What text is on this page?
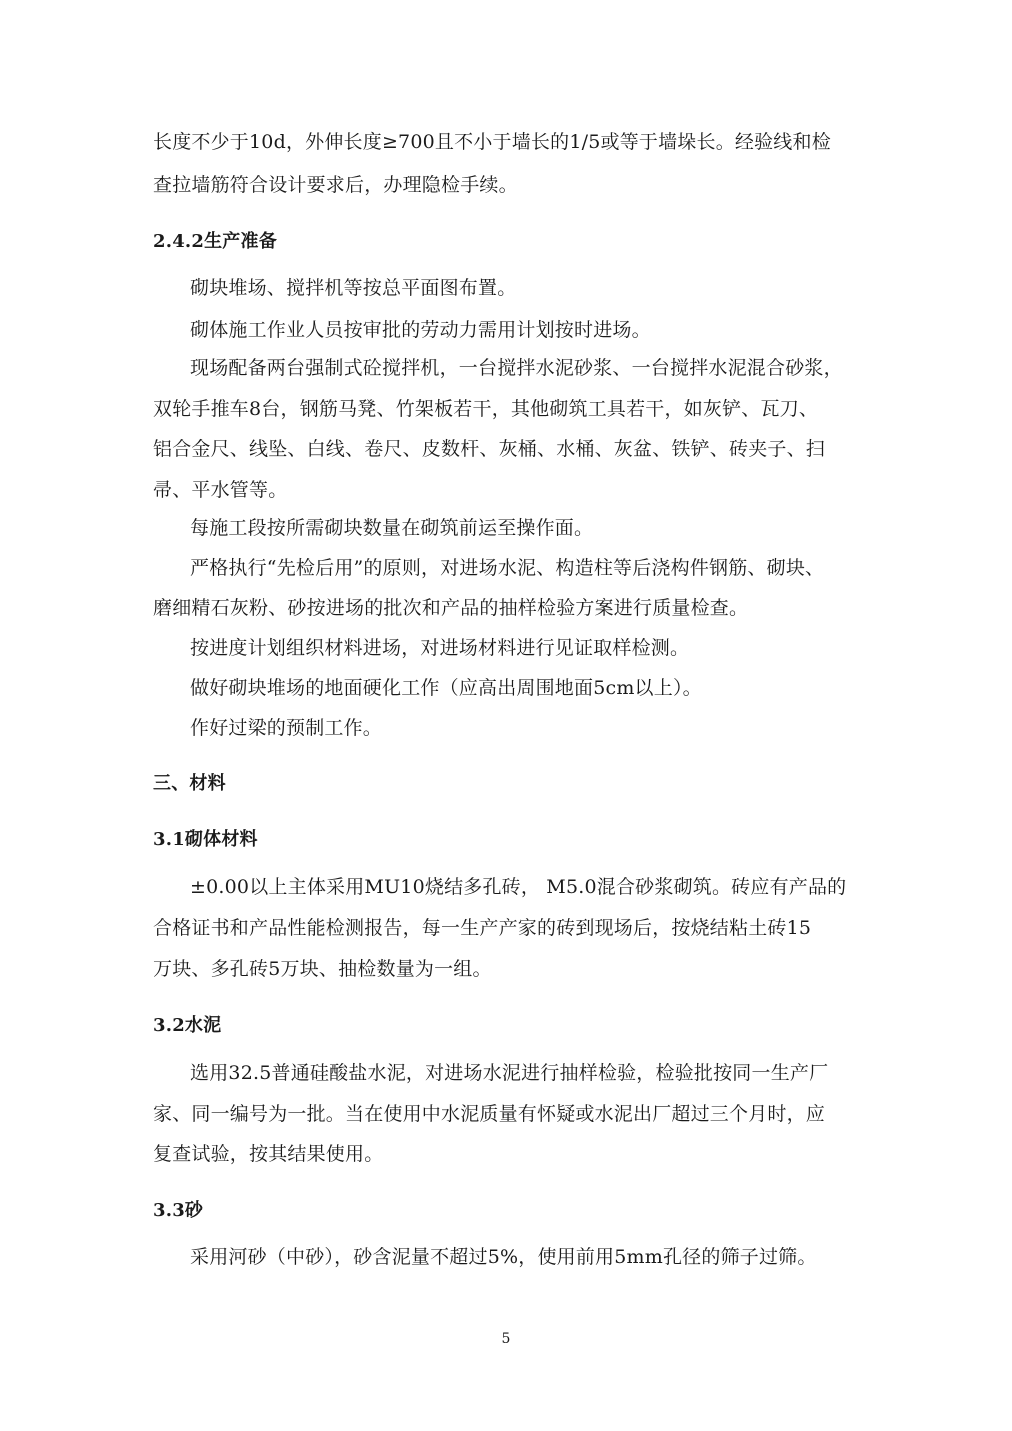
长度不少于10d，外伸长度≥700且不小于墙长的1/5或等于墙垛长。经验线和检
查拉墙筋符合设计要求后，办理隐检手续。
2.4.2生产准备
砌块堆场、搅拌机等按总平面图布置。
砌体施工作业人员按审批的劳动力需用计划按时进场。
现场配备两台强制式砼搅拌机，一台搅拌水泥砂浆、一台搅拌水泥混合砂浆，
双轮手推车8台，钢筋马凳、竹架板若干，其他砌筑工具若干，如灰铲、瓦刀、
铝合金尺、线坠、白线、卷尺、皮数杆、灰桶、水桶、灰盆、铁铲、砖夹子、扫
帚、平水管等。
每施工段按所需砌块数量在砌筑前运至操作面。
严格执行“先检后用”的原则，对进场水泥、构造柱等后浇构件钢筋、砌块、
磨细精石灰粉、砂按进场的批次和产品的抽样检验方案进行质量检查。
按进度计划组织材料进场，对进场材料进行见证取样检测。
做好砌块堆场的地面硬化工作（应高出周围地面5cm以上）。
作好过梁的预制工作。
三、材料
3.1砌体材料
±0.00以上主体采用MU10烧结多孔砖， M5.0混合砂浆砌筑。砖应有产品的
合格证书和产品性能检测报告，每一生产产家的砖到现场后，按烧结粘土砖15
万块、多孔砖5万块、抽检数量为一组。
3.2水泥
选用32.5普通硅酸盐水泥，对进场水泥进行抽样检验，检验批按同一生产厂
家、同一编号为一批。当在使用中水泥质量有怀疑或水泥出厂超过三个月时，应
复查试验，按其结果使用。
3.3砂
采用河砂（中砂），砂含泥量不超过5%，使用前用5mm孔径的筛子过筛。
5
